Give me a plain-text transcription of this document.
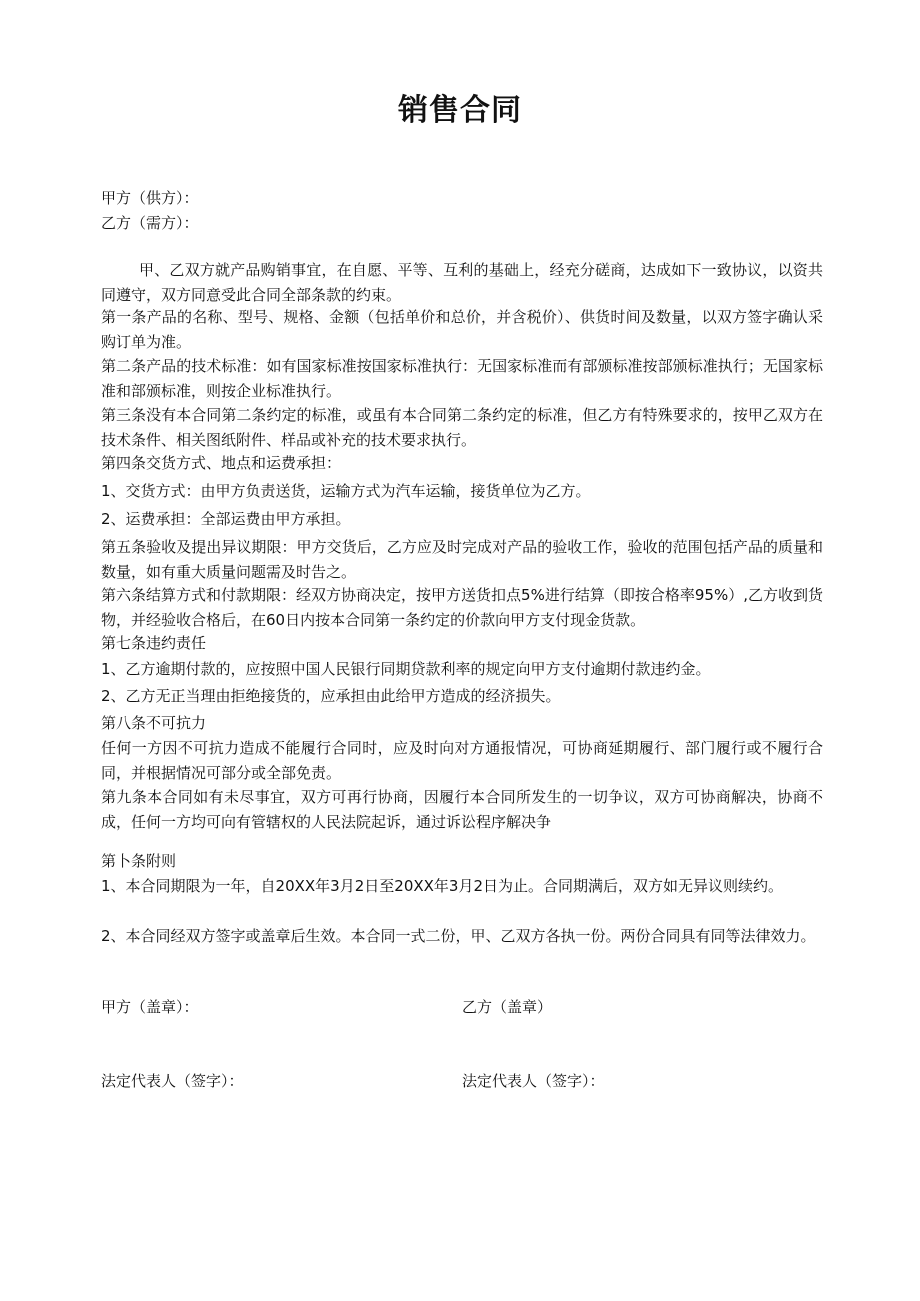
销售合同

甲方（供方）：

乙方（需方）：

甲、乙双方就产品购销事宜，在自愿、平等、互利的基础上，经充分磋商，达成如下一致协议，以资共同遵守，双方同意受此合同全部条款的约束。

第一条产品的名称、型号、规格、金额（包括单价和总价，并含税价）、供货时间及数量，以双方签字确认采购订单为准。

第二条产品的技术标准：如有国家标准按国家标准执行：无国家标准而有部颁标准按部颁标准执行；无国家标准和部颁标准，则按企业标准执行。

第三条没有本合同第二条约定的标准，或虽有本合同第二条约定的标准，但乙方有特殊要求的，按甲乙双方在技术条件、相关图纸附件、样品或补充的技术要求执行。

第四条交货方式、地点和运费承担：

1、交货方式：由甲方负责送货，运输方式为汽车运输，接货单位为乙方。

2、运费承担：全部运费由甲方承担。

第五条验收及提出异议期限：甲方交货后，乙方应及时完成对产品的验收工作，验收的范围包括产品的质量和数量，如有重大质量问题需及时告之。

第六条结算方式和付款期限：经双方协商决定，按甲方送货扣点5%进行结算（即按合格率95%）,乙方收到货物，并经验收合格后，在60日内按本合同第一条约定的价款向甲方支付现金货款。

第七条违约责任

1、乙方逾期付款的，应按照中国人民银行同期贷款利率的规定向甲方支付逾期付款违约金。

2、乙方无正当理由拒绝接货的，应承担由此给甲方造成的经济损失。

第八条不可抗力

任何一方因不可抗力造成不能履行合同时，应及时向对方通报情况，可协商延期履行、部门履行或不履行合同，并根据情况可部分或全部免责。

第九条本合同如有未尽事宜，双方可再行协商，因履行本合同所发生的一切争议，双方可协商解决，协商不成，任何一方均可向有管辖权的人民法院起诉，通过诉讼程序解决争

第卜条附则

1、本合同期限为一年，自20XX年3月2日至20XX年3月2日为止。合同期满后，双方如无异议则续约。

2、本合同经双方签字或盖章后生效。本合同一式二份，甲、乙双方各执一份。两份合同具有同等法律效力。

甲方（盖章）：	乙方（盖章）

法定代表人（签字）：	法定代表人（签字）：
